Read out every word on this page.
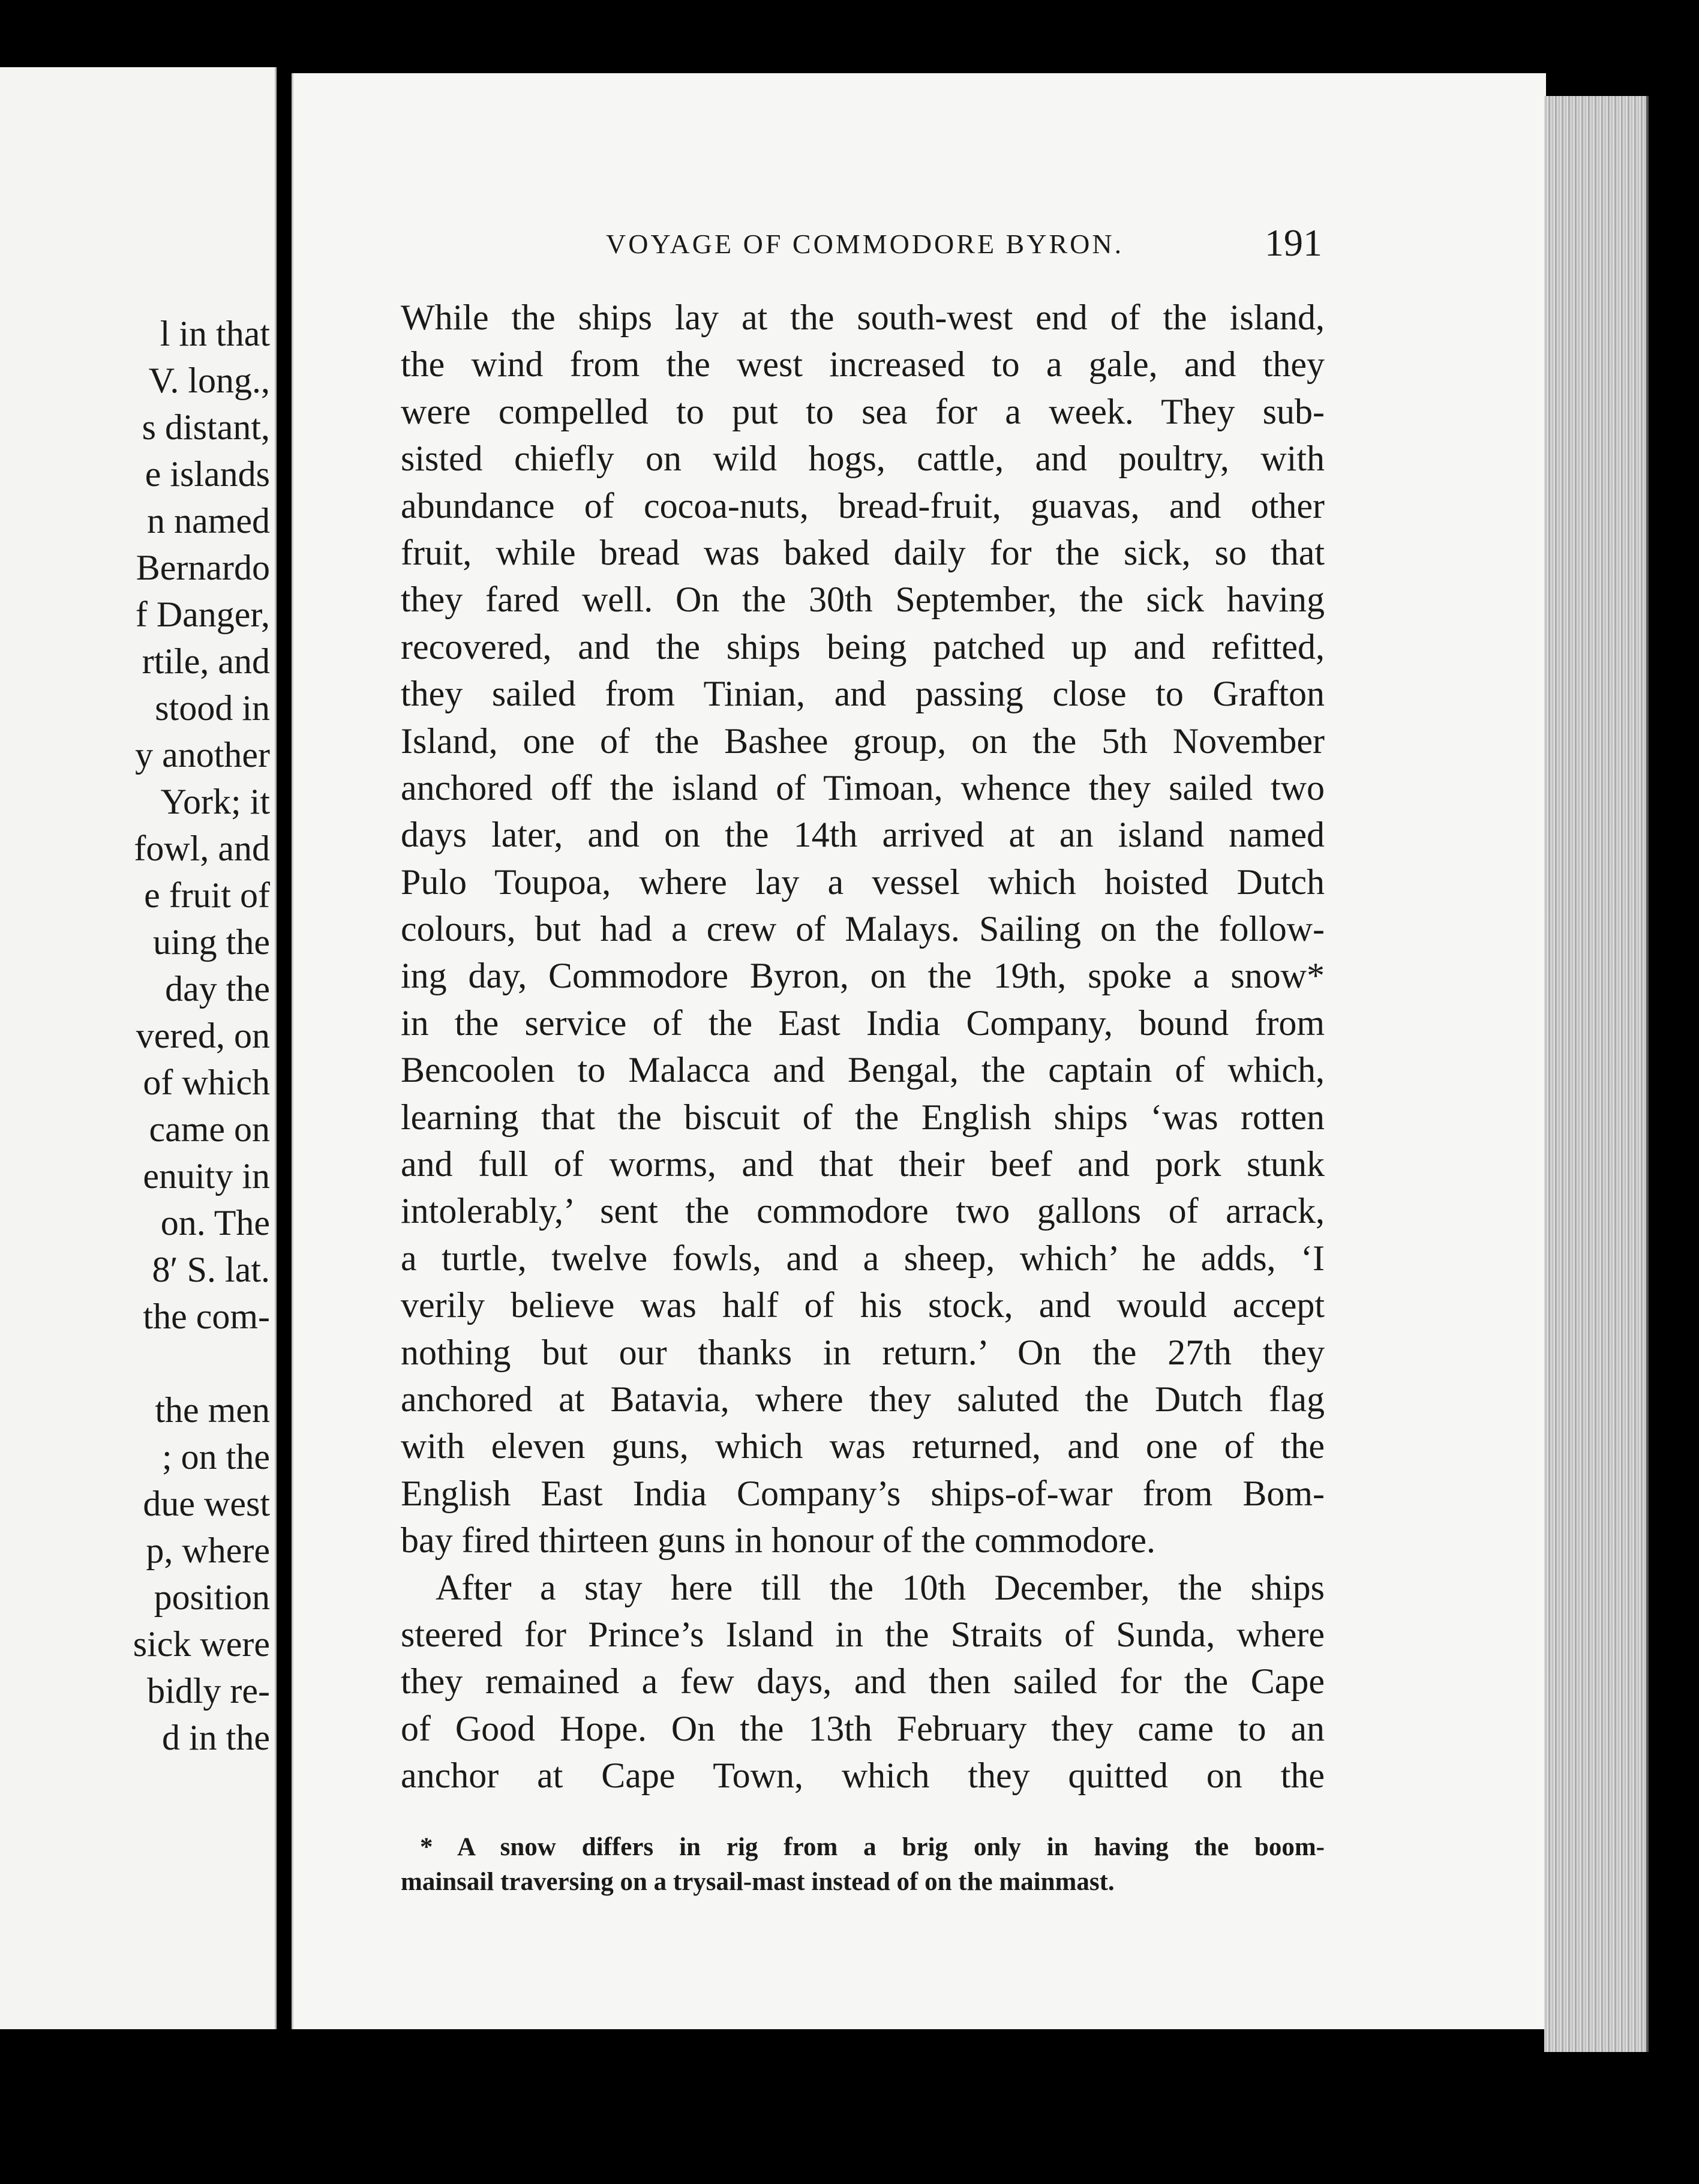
l in that
V. long.,
s distant,
e islands
n named
Bernardo
f Danger,
rtile, and
stood in
y another
York; it
fowl, and
e fruit of
uing the
day the
vered, on
of which
came on
enuity in
on. The
8′ S. lat.
the com-
the men
; on the
due west
p, where
position
sick were
bidly re-
d in the
VOYAGE OF COMMODORE BYRON.	191
While the ships lay at the south-west end of the island,
the wind from the west increased to a gale, and they
were compelled to put to sea for a week. They sub-
sisted chiefly on wild hogs, cattle, and poultry, with
abundance of cocoa-nuts, bread-fruit, guavas, and other
fruit, while bread was baked daily for the sick, so that
they fared well. On the 30th September, the sick having
recovered, and the ships being patched up and refitted,
they sailed from Tinian, and passing close to Grafton
Island, one of the Bashee group, on the 5th November
anchored off the island of Timoan, whence they sailed two
days later, and on the 14th arrived at an island named
Pulo Toupoa, where lay a vessel which hoisted Dutch
colours, but had a crew of Malays. Sailing on the follow-
ing day, Commodore Byron, on the 19th, spoke a snow*
in the service of the East India Company, bound from
Bencoolen to Malacca and Bengal, the captain of which,
learning that the biscuit of the English ships ‘was rotten
and full of worms, and that their beef and pork stunk
intolerably,’ sent the commodore two gallons of arrack,
a turtle, twelve fowls, and a sheep, which’ he adds, ‘I
verily believe was half of his stock, and would accept
nothing but our thanks in return.’ On the 27th they
anchored at Batavia, where they saluted the Dutch flag
with eleven guns, which was returned, and one of the
English East India Company’s ships-of-war from Bom-
bay fired thirteen guns in honour of the commodore.
After a stay here till the 10th December, the ships
steered for Prince’s Island in the Straits of Sunda, where
they remained a few days, and then sailed for the Cape
of Good Hope. On the 13th February they came to an
anchor at Cape Town, which they quitted on the
* A snow differs in rig from a brig only in having the boom-
mainsail traversing on a trysail-mast instead of on the mainmast.
